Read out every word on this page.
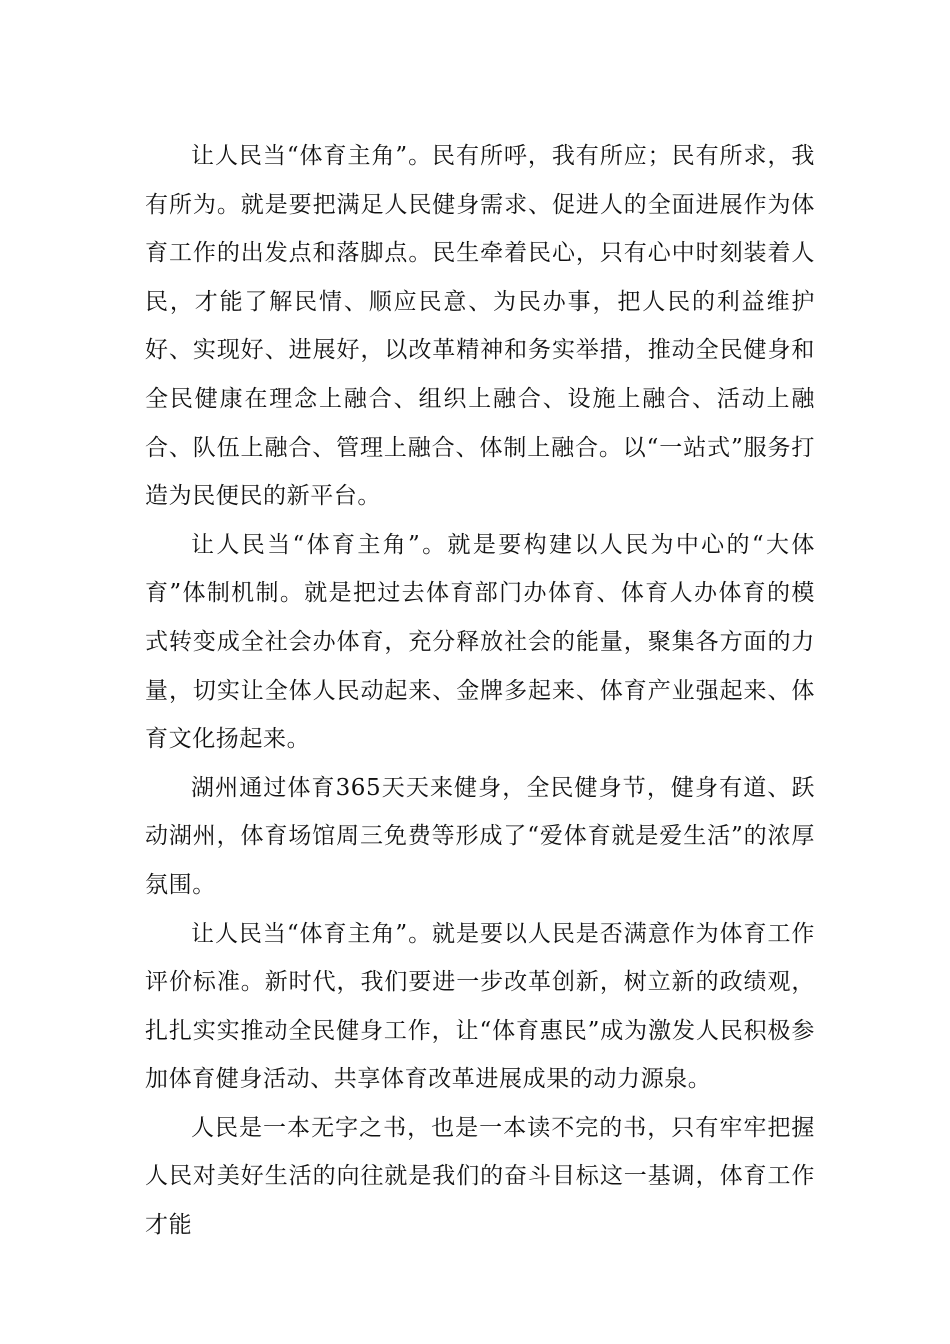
让人民当“体育主角”。民有所呼，我有所应；民有所求，我有所为。就是要把满足人民健身需求、促进人的全面进展作为体育工作的出发点和落脚点。民生牵着民心，只有心中时刻装着人民，才能了解民情、顺应民意、为民办事，把人民的利益维护好、实现好、进展好，以改革精神和务实举措，推动全民健身和全民健康在理念上融合、组织上融合、设施上融合、活动上融合、队伍上融合、管理上融合、体制上融合。以“一站式”服务打造为民便民的新平台。

让人民当“体育主角”。就是要构建以人民为中心的“大体育”体制机制。就是把过去体育部门办体育、体育人办体育的模式转变成全社会办体育，充分释放社会的能量，聚集各方面的力量，切实让全体人民动起来、金牌多起来、体育产业强起来、体育文化扬起来。

湖州通过体育365天天来健身，全民健身节，健身有道、跃动湖州，体育场馆周三免费等形成了“爱体育就是爱生活”的浓厚氛围。

让人民当“体育主角”。就是要以人民是否满意作为体育工作评价标准。新时代，我们要进一步改革创新，树立新的政绩观，扎扎实实推动全民健身工作，让“体育惠民”成为激发人民积极参加体育健身活动、共享体育改革进展成果的动力源泉。

人民是一本无字之书，也是一本读不完的书，只有牢牢把握人民对美好生活的向往就是我们的奋斗目标这一基调，体育工作才能
